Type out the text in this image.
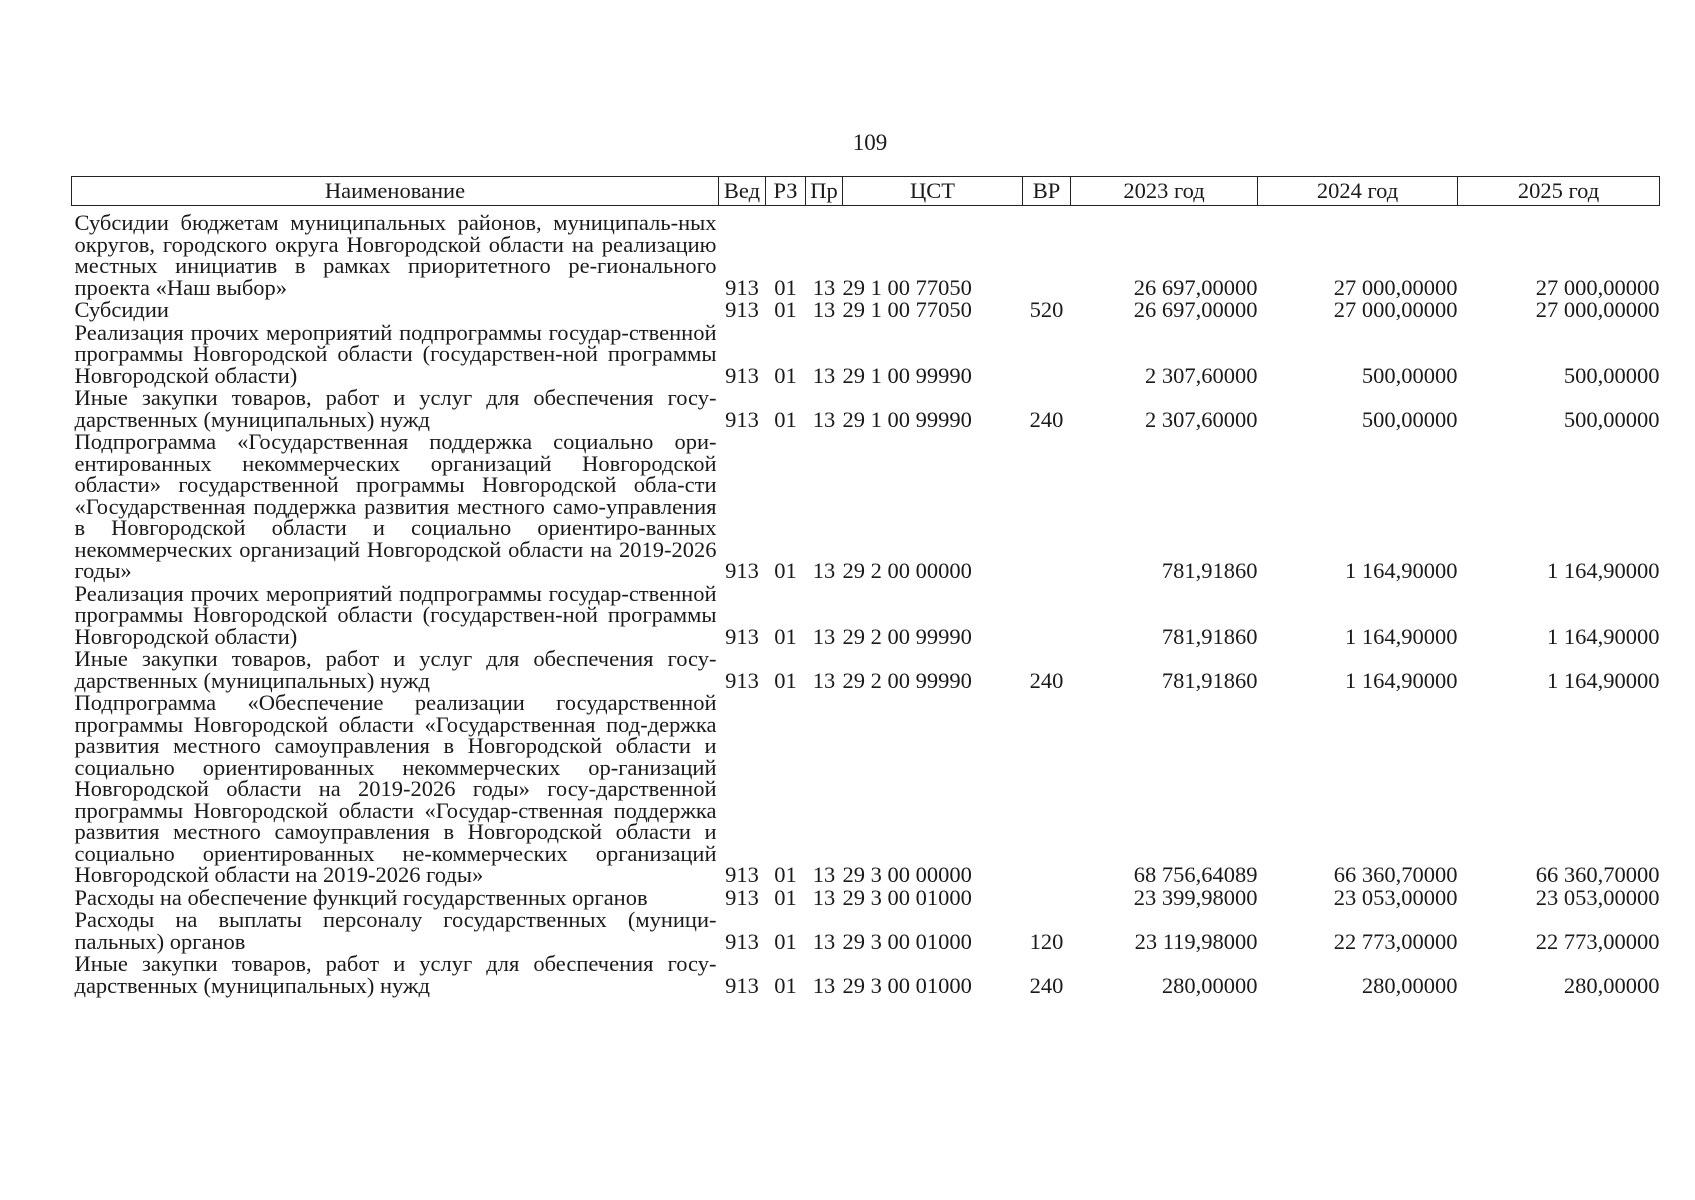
109
Наименование	Вед	РЗ	Пр	ЦСТ	ВР	2023 год	2024 год	2025 год
Субсидии бюджетам муниципальных районов, муниципаль-ных округов, городского округа Новгородской области на реализацию местных инициатив в рамках приоритетного ре-гионального проекта «Наш выбор»	913	01	13	29 1 00 77050		26 697,00000	27 000,00000	27 000,00000
Субсидии	913	01	13	29 1 00 77050	520	26 697,00000	27 000,00000	27 000,00000
Реализация прочих мероприятий подпрограммы государ-ственной программы Новгородской области (государствен-ной программы Новгородской области)	913	01	13	29 1 00 99990		2 307,60000	500,00000	500,00000
Иные закупки товаров, работ и услуг для обеспечения госу-дарственных (муниципальных) нужд	913	01	13	29 1 00 99990	240	2 307,60000	500,00000	500,00000
Подпрограмма «Государственная поддержка социально ори-ентированных некоммерческих организаций Новгородской области» государственной программы Новгородской обла-сти «Государственная поддержка развития местного само-управления в Новгородской области и социально ориентиро-ванных некоммерческих организаций Новгородской области на 2019-2026 годы»	913	01	13	29 2 00 00000		781,91860	1 164,90000	1 164,90000
Реализация прочих мероприятий подпрограммы государ-ственной программы Новгородской области (государствен-ной программы Новгородской области)	913	01	13	29 2 00 99990		781,91860	1 164,90000	1 164,90000
Иные закупки товаров, работ и услуг для обеспечения госу-дарственных (муниципальных) нужд	913	01	13	29 2 00 99990	240	781,91860	1 164,90000	1 164,90000
Подпрограмма «Обеспечение реализации государственной программы Новгородской области «Государственная под-держка развития местного самоуправления в Новгородской области и социально ориентированных некоммерческих ор-ганизаций Новгородской области на 2019-2026 годы» госу-дарственной программы Новгородской области «Государ-ственная поддержка развития местного самоуправления в Новгородской области и социально ориентированных не-коммерческих организаций Новгородской области на 2019-2026 годы»	913	01	13	29 3 00 00000		68 756,64089	66 360,70000	66 360,70000
Расходы на обеспечение функций государственных органов	913	01	13	29 3 00 01000		23 399,98000	23 053,00000	23 053,00000
Расходы на выплаты персоналу государственных (муници-пальных) органов	913	01	13	29 3 00 01000	120	23 119,98000	22 773,00000	22 773,00000
Иные закупки товаров, работ и услуг для обеспечения госу-дарственных (муниципальных) нужд	913	01	13	29 3 00 01000	240	280,00000	280,00000	280,00000
